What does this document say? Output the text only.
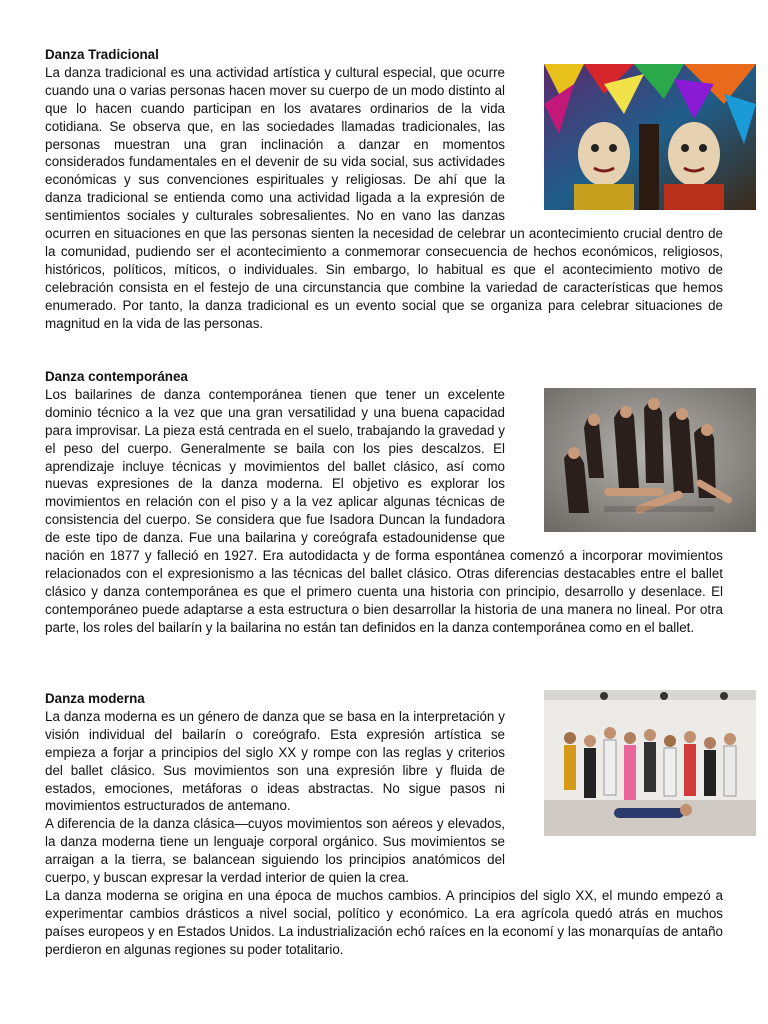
Danza Tradicional

La danza tradicional es una actividad artística y cultural especial, que ocurre cuando una o varias personas hacen mover su cuerpo de un modo distinto al que lo hacen cuando participan en los avatares ordinarios de la vida cotidiana. Se observa que, en las sociedades llamadas tradicionales, las personas muestran una gran inclinación a danzar en momentos considerados fundamentales en el devenir de su vida social, sus actividades económicas y sus convenciones espirituales y religiosas. De ahí que la danza tradicional se entienda como una actividad ligada a la expresión de sentimientos sociales y culturales sobresalientes. No en vano las danzas ocurren en situaciones en que las personas sienten la necesidad de celebrar un acontecimiento crucial dentro de la comunidad, pudiendo ser el acontecimiento a conmemorar consecuencia de hechos económicos, religiosos, históricos, políticos, míticos, o individuales. Sin embargo, lo habitual es que el acontecimiento motivo de celebración consista en el festejo de una circunstancia que combine la variedad de características que hemos enumerado. Por tanto, la danza tradicional es un evento social que se organiza para celebrar situaciones de magnitud en la vida de las personas.

Danza contemporánea

Los bailarines de danza contemporánea tienen que tener un excelente dominio técnico a la vez que una gran versatilidad y una buena capacidad para improvisar. La pieza está centrada en el suelo, trabajando la gravedad y el peso del cuerpo. Generalmente se baila con los pies descalzos. El aprendizaje incluye técnicas y movimientos del ballet clásico, así como nuevas expresiones de la danza moderna. El objetivo es explorar los movimientos en relación con el piso y a la vez aplicar algunas técnicas de consistencia del cuerpo. Se considera que fue Isadora Duncan la fundadora de este tipo de danza. Fue una bailarina y coreógrafa estadounidense que nación en 1877 y falleció en 1927. Era autodidacta y de forma espontánea comenzó a incorporar movimientos relacionados con el expresionismo a las técnicas del ballet clásico. Otras diferencias destacables entre el ballet clásico y danza contemporánea es que el primero cuenta una historia con principio, desarrollo y desenlace. El contemporáneo puede adaptarse a esta estructura o bien desarrollar la historia de una manera no lineal. Por otra parte, los roles del bailarín y la bailarina no están tan definidos en la danza contemporánea como en el ballet.

Danza moderna

La danza moderna es un género de danza que se basa en la interpretación y visión individual del bailarín o coreógrafo. Esta expresión artística se empieza a forjar a principios del siglo XX y rompe con las reglas y criterios del ballet clásico. Sus movimientos son una expresión libre y fluida de estados, emociones, metáforas o ideas abstractas. No sigue pasos ni movimientos estructurados de antemano.

A diferencia de la danza clásica—cuyos movimientos son aéreos y elevados, la danza moderna tiene un lenguaje corporal orgánico. Sus movimientos se arraigan a la tierra, se balancean siguiendo los principios anatómicos del cuerpo, y buscan expresar la verdad interior de quien la crea.

La danza moderna se origina en una época de muchos cambios. A principios del siglo XX, el mundo empezó a experimentar cambios drásticos a nivel social, político y económico. La era agrícola quedó atrás en muchos países europeos y en Estados Unidos. La industrialización echó raíces en la economí y las monarquías de antaño perdieron en algunas regiones su poder totalitario.
